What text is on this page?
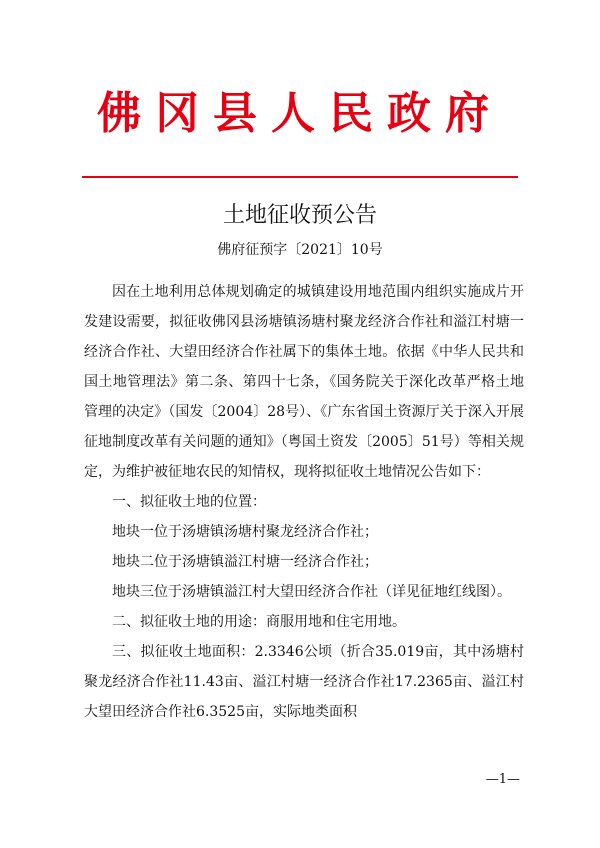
佛冈县人民政府
土地征收预公告
佛府征预字〔2021〕10号

因在土地利用总体规划确定的城镇建设用地范围内组织实施成片开发建设需要，拟征收佛冈县汤塘镇汤塘村聚龙经济合作社和溢江村塘一经济合作社、大望田经济合作社属下的集体土地。依据《中华人民共和国土地管理法》第二条、第四十七条，《国务院关于深化改革严格土地管理的决定》（国发〔2004〕28号）、《广东省国土资源厅关于深入开展征地制度改革有关问题的通知》（粤国土资发〔2005〕51号）等相关规定，为维护被征地农民的知情权，现将拟征收土地情况公告如下：

一、拟征收土地的位置：

地块一位于汤塘镇汤塘村聚龙经济合作社；

地块二位于汤塘镇溢江村塘一经济合作社；

地块三位于汤塘镇溢江村大望田经济合作社（详见征地红线图）。

二、拟征收土地的用途：商服用地和住宅用地。

三、拟征收土地面积：2.3346公顷（折合35.019亩，其中汤塘村聚龙经济合作社11.43亩、溢江村塘一经济合作社17.2365亩、溢江村大望田经济合作社6.3525亩，实际地类面积

—1—
